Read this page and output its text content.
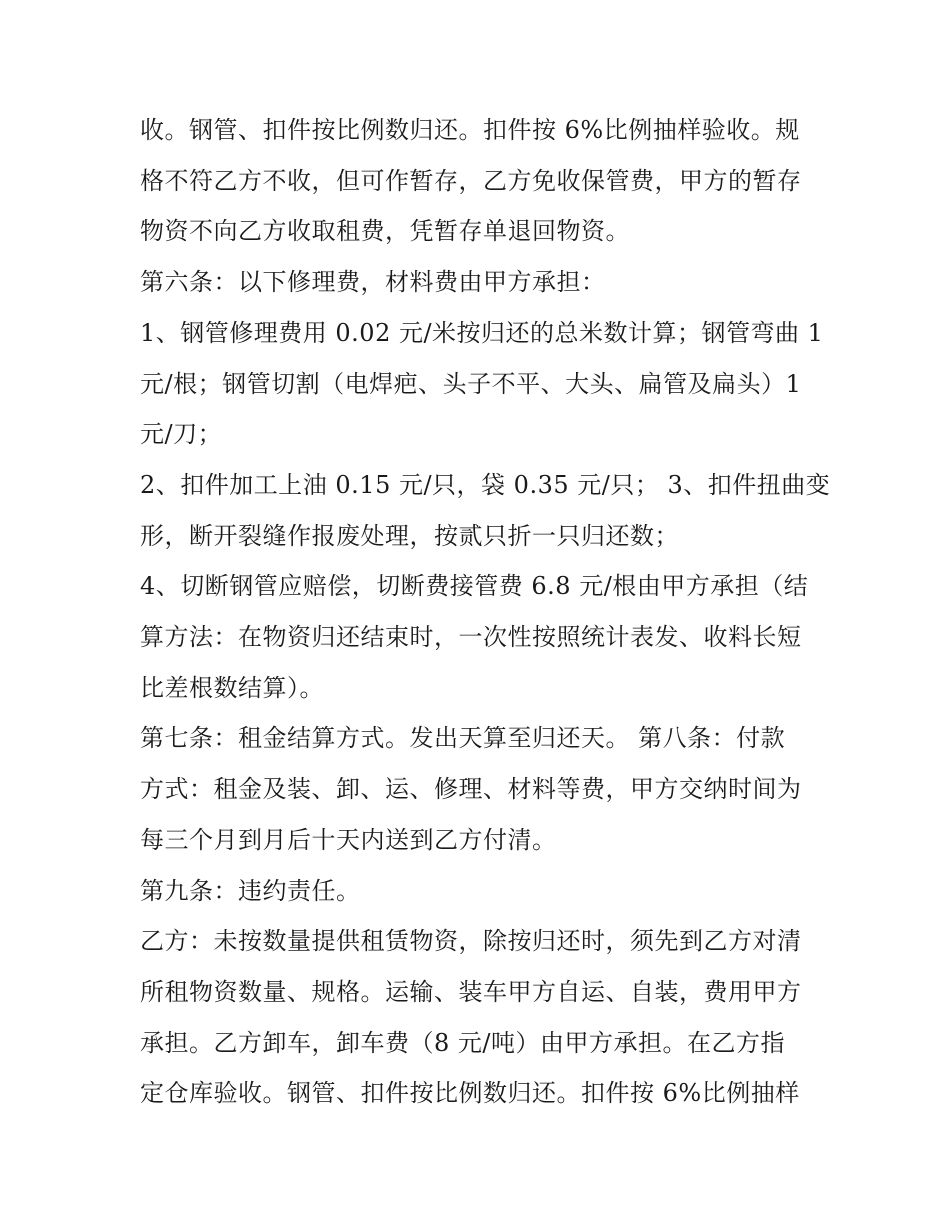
收。钢管、扣件按比例数归还。扣件按 6%比例抽样验收。规

格不符乙方不收，但可作暂存，乙方免收保管费，甲方的暂存

物资不向乙方收取租费，凭暂存单退回物资。

第六条：以下修理费，材料费由甲方承担：

1、钢管修理费用 0.02 元/米按归还的总米数计算；钢管弯曲 1

元/根；钢管切割（电焊疤、头子不平、大头、扁管及扁头）1

元/刀；

2、扣件加工上油 0.15 元/只，袋 0.35 元/只； 3、扣件扭曲变

形，断开裂缝作报废处理，按贰只折一只归还数；

4、切断钢管应赔偿，切断费接管费 6.8 元/根由甲方承担（结

算方法：在物资归还结束时，一次性按照统计表发、收料长短

比差根数结算）。

第七条：租金结算方式。发出天算至归还天。 第八条：付款

方式：租金及装、卸、运、修理、材料等费，甲方交纳时间为

每三个月到月后十天内送到乙方付清。

第九条：违约责任。

乙方：未按数量提供租赁物资，除按归还时，须先到乙方对清

所租物资数量、规格。运输、装车甲方自运、自装，费用甲方

承担。乙方卸车，卸车费（8 元/吨）由甲方承担。在乙方指

定仓库验收。钢管、扣件按比例数归还。扣件按 6%比例抽样
